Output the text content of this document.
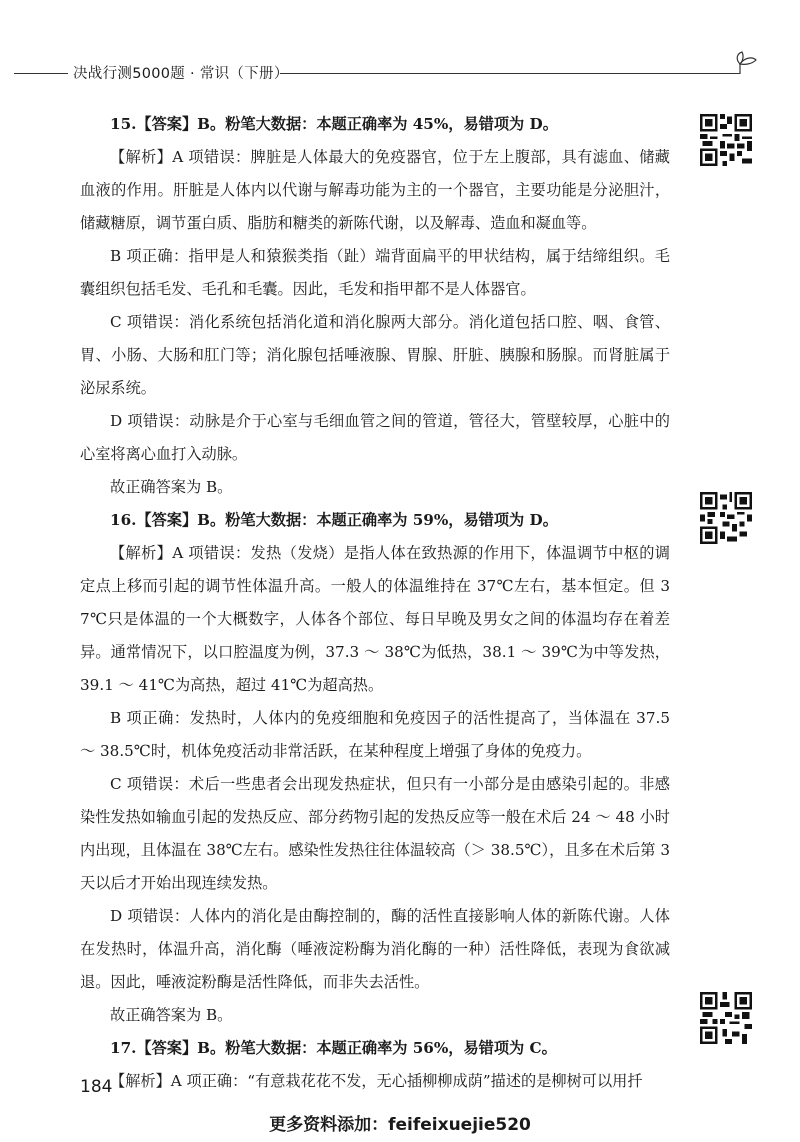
决战行测5000题 · 常识（下册）

15.【答案】B。粉笔大数据：本题正确率为 45%，易错项为 D。

【解析】A 项错误：脾脏是人体最大的免疫器官，位于左上腹部，具有滤血、储藏血液的作用。肝脏是人体内以代谢与解毒功能为主的一个器官，主要功能是分泌胆汁，储藏糖原，调节蛋白质、脂肪和糖类的新陈代谢，以及解毒、造血和凝血等。

B 项正确：指甲是人和猿猴类指（趾）端背面扁平的甲状结构，属于结缔组织。毛囊组织包括毛发、毛孔和毛囊。因此，毛发和指甲都不是人体器官。

C 项错误：消化系统包括消化道和消化腺两大部分。消化道包括口腔、咽、食管、胃、小肠、大肠和肛门等；消化腺包括唾液腺、胃腺、肝脏、胰腺和肠腺。而肾脏属于泌尿系统。

D 项错误：动脉是介于心室与毛细血管之间的管道，管径大，管壁较厚，心脏中的心室将离心血打入动脉。

故正确答案为 B。

16.【答案】B。粉笔大数据：本题正确率为 59%，易错项为 D。

【解析】A 项错误：发热（发烧）是指人体在致热源的作用下，体温调节中枢的调定点上移而引起的调节性体温升高。一般人的体温维持在 37℃左右，基本恒定。但 37℃只是体温的一个大概数字，人体各个部位、每日早晚及男女之间的体温均存在着差异。通常情况下，以口腔温度为例，37.3 ～ 38℃为低热，38.1 ～ 39℃为中等发热，39.1 ～ 41℃为高热，超过 41℃为超高热。

B 项正确：发热时，人体内的免疫细胞和免疫因子的活性提高了，当体温在 37.5 ～ 38.5℃时，机体免疫活动非常活跃，在某种程度上增强了身体的免疫力。

C 项错误：术后一些患者会出现发热症状，但只有一小部分是由感染引起的。非感染性发热如输血引起的发热反应、部分药物引起的发热反应等一般在术后 24 ～ 48 小时内出现，且体温在 38℃左右。感染性发热往往体温较高（＞ 38.5℃），且多在术后第 3 天以后才开始出现连续发热。

D 项错误：人体内的消化是由酶控制的，酶的活性直接影响人体的新陈代谢。人体在发热时，体温升高，消化酶（唾液淀粉酶为消化酶的一种）活性降低，表现为食欲减退。因此，唾液淀粉酶是活性降低，而非失去活性。

故正确答案为 B。

17.【答案】B。粉笔大数据：本题正确率为 56%，易错项为 C。

【解析】A 项正确：“有意栽花花不发，无心插柳柳成荫”描述的是柳树可以用扦

184
更多资料添加：feifeixuejie520
